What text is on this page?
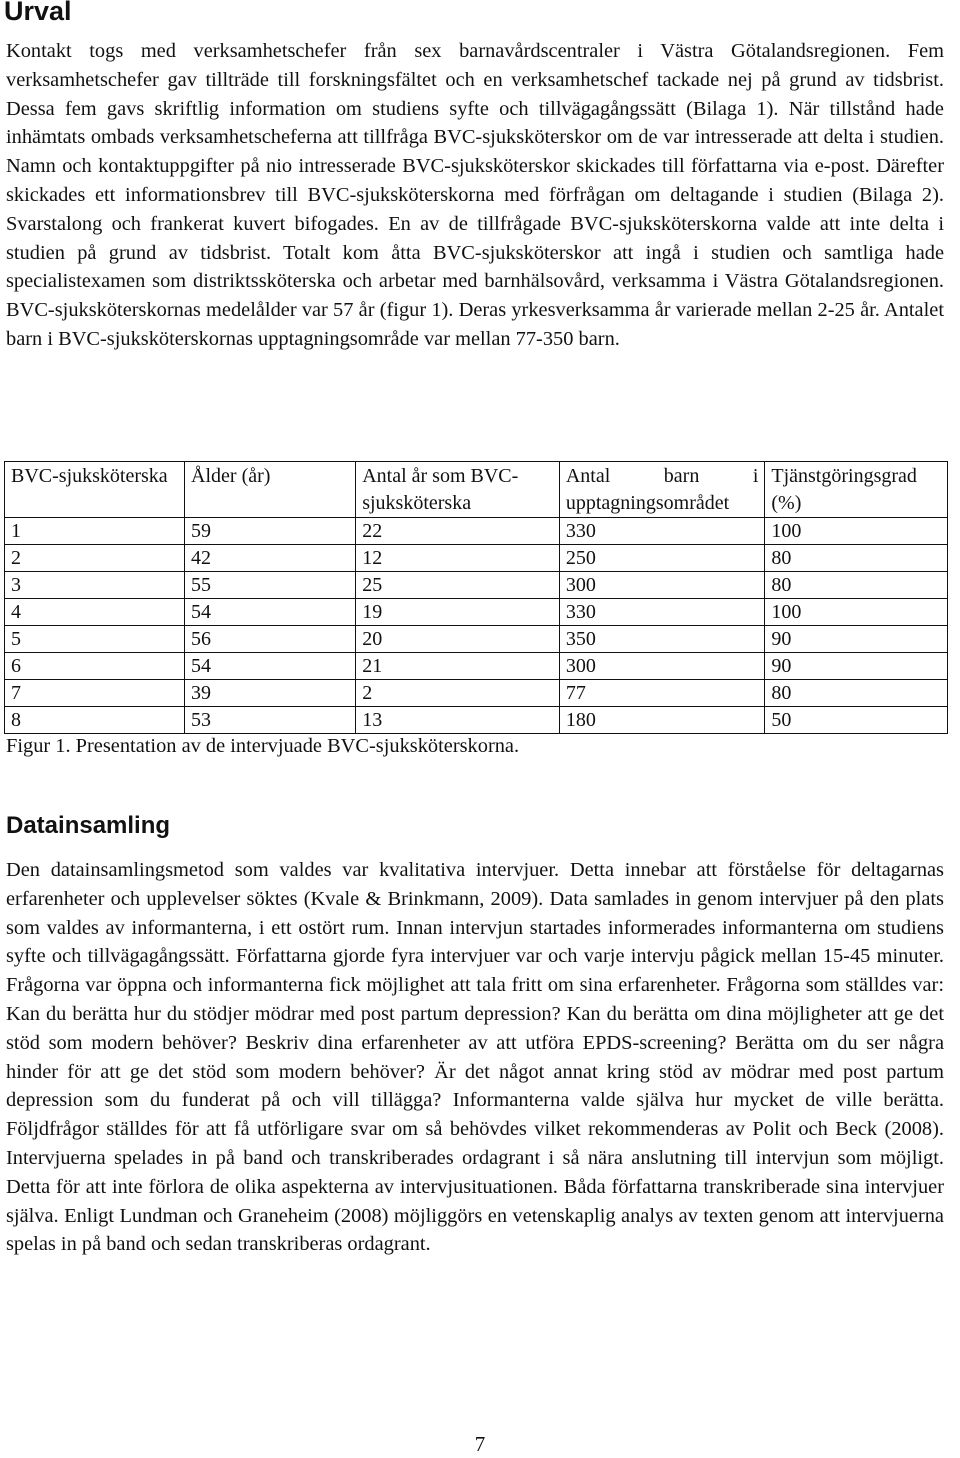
Urval

Kontakt togs med verksamhetschefer från sex barnavårdscentraler i Västra Götalandsregionen. Fem verksamhetschefer gav tillträde till forskningsfältet och en verksamhetschef tackade nej på grund av tidsbrist. Dessa fem gavs skriftlig information om studiens syfte och tillvägagångssätt (Bilaga 1). När tillstånd hade inhämtats ombads verksamhetscheferna att tillfråga BVC-sjuksköterskor om de var intresserade att delta i studien. Namn och kontaktuppgifter på nio intresserade BVC-sjuksköterskor skickades till författarna via e-post. Därefter skickades ett informationsbrev till BVC-sjuksköterskorna med förfrågan om deltagande i studien (Bilaga 2). Svarstalong och frankerat kuvert bifogades. En av de tillfrågade BVC-sjuksköterskorna valde att inte delta i studien på grund av tidsbrist. Totalt kom åtta BVC-sjuksköterskor att ingå i studien och samtliga hade specialistexamen som distriktssköterska och arbetar med barnhälsovård, verksamma i Västra Götalandsregionen. BVC-sjuksköterskornas medelålder var 57 år (figur 1). Deras yrkesverksamma år varierade mellan 2-25 år. Antalet barn i BVC-sjuksköterskornas upptagningsområde var mellan 77-350 barn.

BVC-sjuksköterska	Ålder (år)	Antal år som BVC-sjuksköterska	Antal barn i upptagningsområdet	Tjänstgöringsgrad (%)
1	59	22	330	100
2	42	12	250	80
3	55	25	300	80
4	54	19	330	100
5	56	20	350	90
6	54	21	300	90
7	39	2	77	80
8	53	13	180	50

Figur 1. Presentation av de intervjuade BVC-sjuksköterskorna.

Datainsamling

Den datainsamlingsmetod som valdes var kvalitativa intervjuer. Detta innebar att förståelse för deltagarnas erfarenheter och upplevelser söktes (Kvale & Brinkmann, 2009). Data samlades in genom intervjuer på den plats som valdes av informanterna, i ett ostört rum. Innan intervjun startades informerades informanterna om studiens syfte och tillvägagångssätt. Författarna gjorde fyra intervjuer var och varje intervju pågick mellan 15-45 minuter. Frågorna var öppna och informanterna fick möjlighet att tala fritt om sina erfarenheter. Frågorna som ställdes var: Kan du berätta hur du stödjer mödrar med post partum depression? Kan du berätta om dina möjligheter att ge det stöd som modern behöver? Beskriv dina erfarenheter av att utföra EPDS-screening? Berätta om du ser några hinder för att ge det stöd som modern behöver? Är det något annat kring stöd av mödrar med post partum depression som du funderat på och vill tillägga? Informanterna valde själva hur mycket de ville berätta. Följdfrågor ställdes för att få utförligare svar om så behövdes vilket rekommenderas av Polit och Beck (2008). Intervjuerna spelades in på band och transkriberades ordagrant i så nära anslutning till intervjun som möjligt. Detta för att inte förlora de olika aspekterna av intervjusituationen. Båda författarna transkriberade sina intervjuer själva. Enligt Lundman och Graneheim (2008) möjliggörs en vetenskaplig analys av texten genom att intervjuerna spelas in på band och sedan transkriberas ordagrant.

7
